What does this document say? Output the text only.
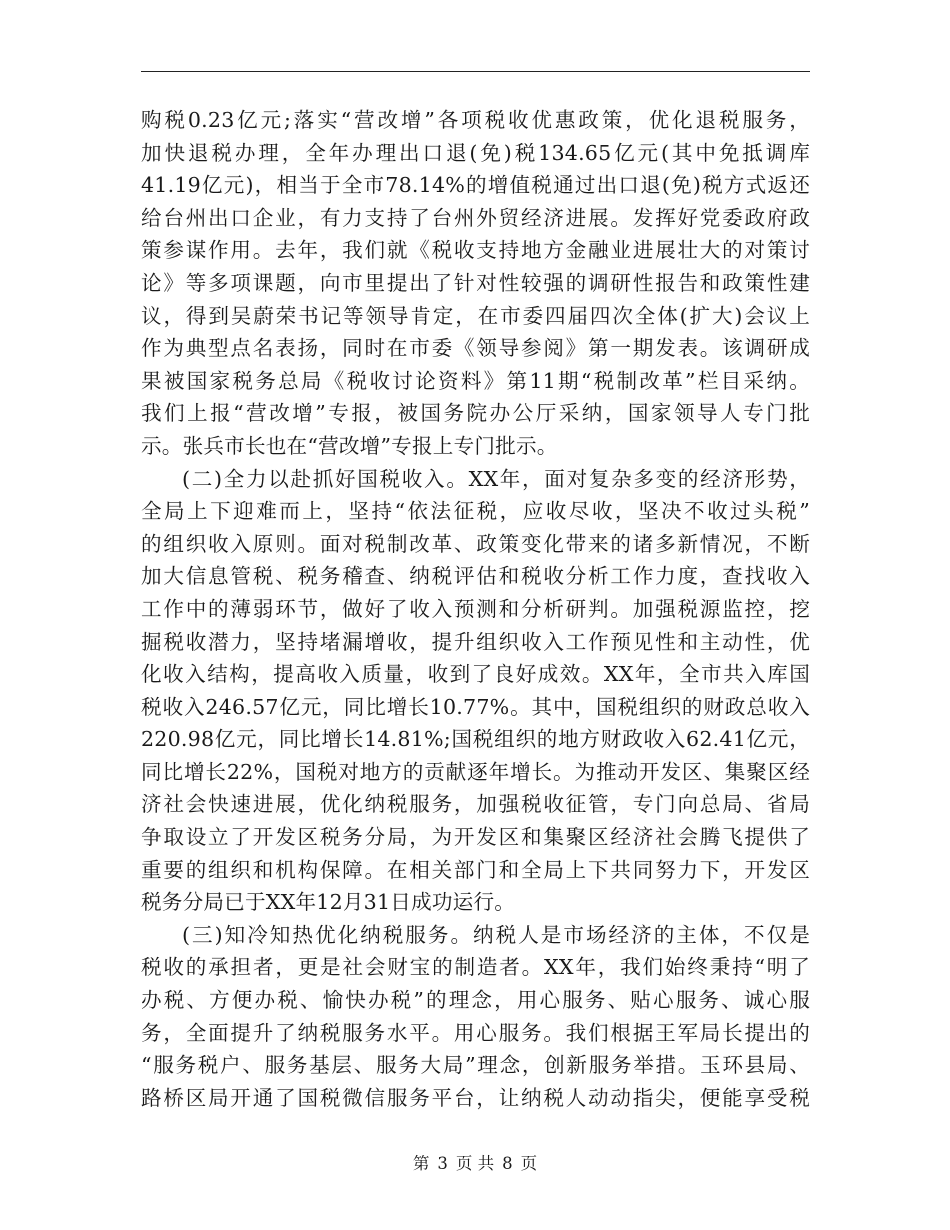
购税0.23亿元;落实“营改增”各项税收优惠政策，优化退税服务，
加快退税办理，全年办理出口退(免)税134.65亿元(其中免抵调库
41.19亿元)，相当于全市78.14%的增值税通过出口退(免)税方式返还
给台州出口企业，有力支持了台州外贸经济进展。发挥好党委政府政
策参谋作用。去年，我们就《税收支持地方金融业进展壮大的对策讨
论》等多项课题，向市里提出了针对性较强的调研性报告和政策性建
议，得到吴蔚荣书记等领导肯定，在市委四届四次全体(扩大)会议上
作为典型点名表扬，同时在市委《领导参阅》第一期发表。该调研成
果被国家税务总局《税收讨论资料》第11期“税制改革”栏目采纳。
我们上报“营改增”专报，被国务院办公厅采纳，国家领导人专门批
示。张兵市长也在“营改增”专报上专门批示。
(二)全力以赴抓好国税收入。XX年，面对复杂多变的经济形势，
全局上下迎难而上，坚持“依法征税，应收尽收，坚决不收过头税”
的组织收入原则。面对税制改革、政策变化带来的诸多新情况，不断
加大信息管税、税务稽查、纳税评估和税收分析工作力度，查找收入
工作中的薄弱环节，做好了收入预测和分析研判。加强税源监控，挖
掘税收潜力，坚持堵漏增收，提升组织收入工作预见性和主动性，优
化收入结构，提高收入质量，收到了良好成效。XX年，全市共入库国
税收入246.57亿元，同比增长10.77%。其中，国税组织的财政总收入
220.98亿元，同比增长14.81%;国税组织的地方财政收入62.41亿元，
同比增长22%，国税对地方的贡献逐年增长。为推动开发区、集聚区经
济社会快速进展，优化纳税服务，加强税收征管，专门向总局、省局
争取设立了开发区税务分局，为开发区和集聚区经济社会腾飞提供了
重要的组织和机构保障。在相关部门和全局上下共同努力下，开发区
税务分局已于XX年12月31日成功运行。
(三)知冷知热优化纳税服务。纳税人是市场经济的主体，不仅是
税收的承担者，更是社会财宝的制造者。XX年，我们始终秉持“明了
办税、方便办税、愉快办税”的理念，用心服务、贴心服务、诚心服
务，全面提升了纳税服务水平。用心服务。我们根据王军局长提出的
“服务税户、服务基层、服务大局”理念，创新服务举措。玉环县局、
路桥区局开通了国税微信服务平台，让纳税人动动指尖，便能享受税
第 3 页 共 8 页
